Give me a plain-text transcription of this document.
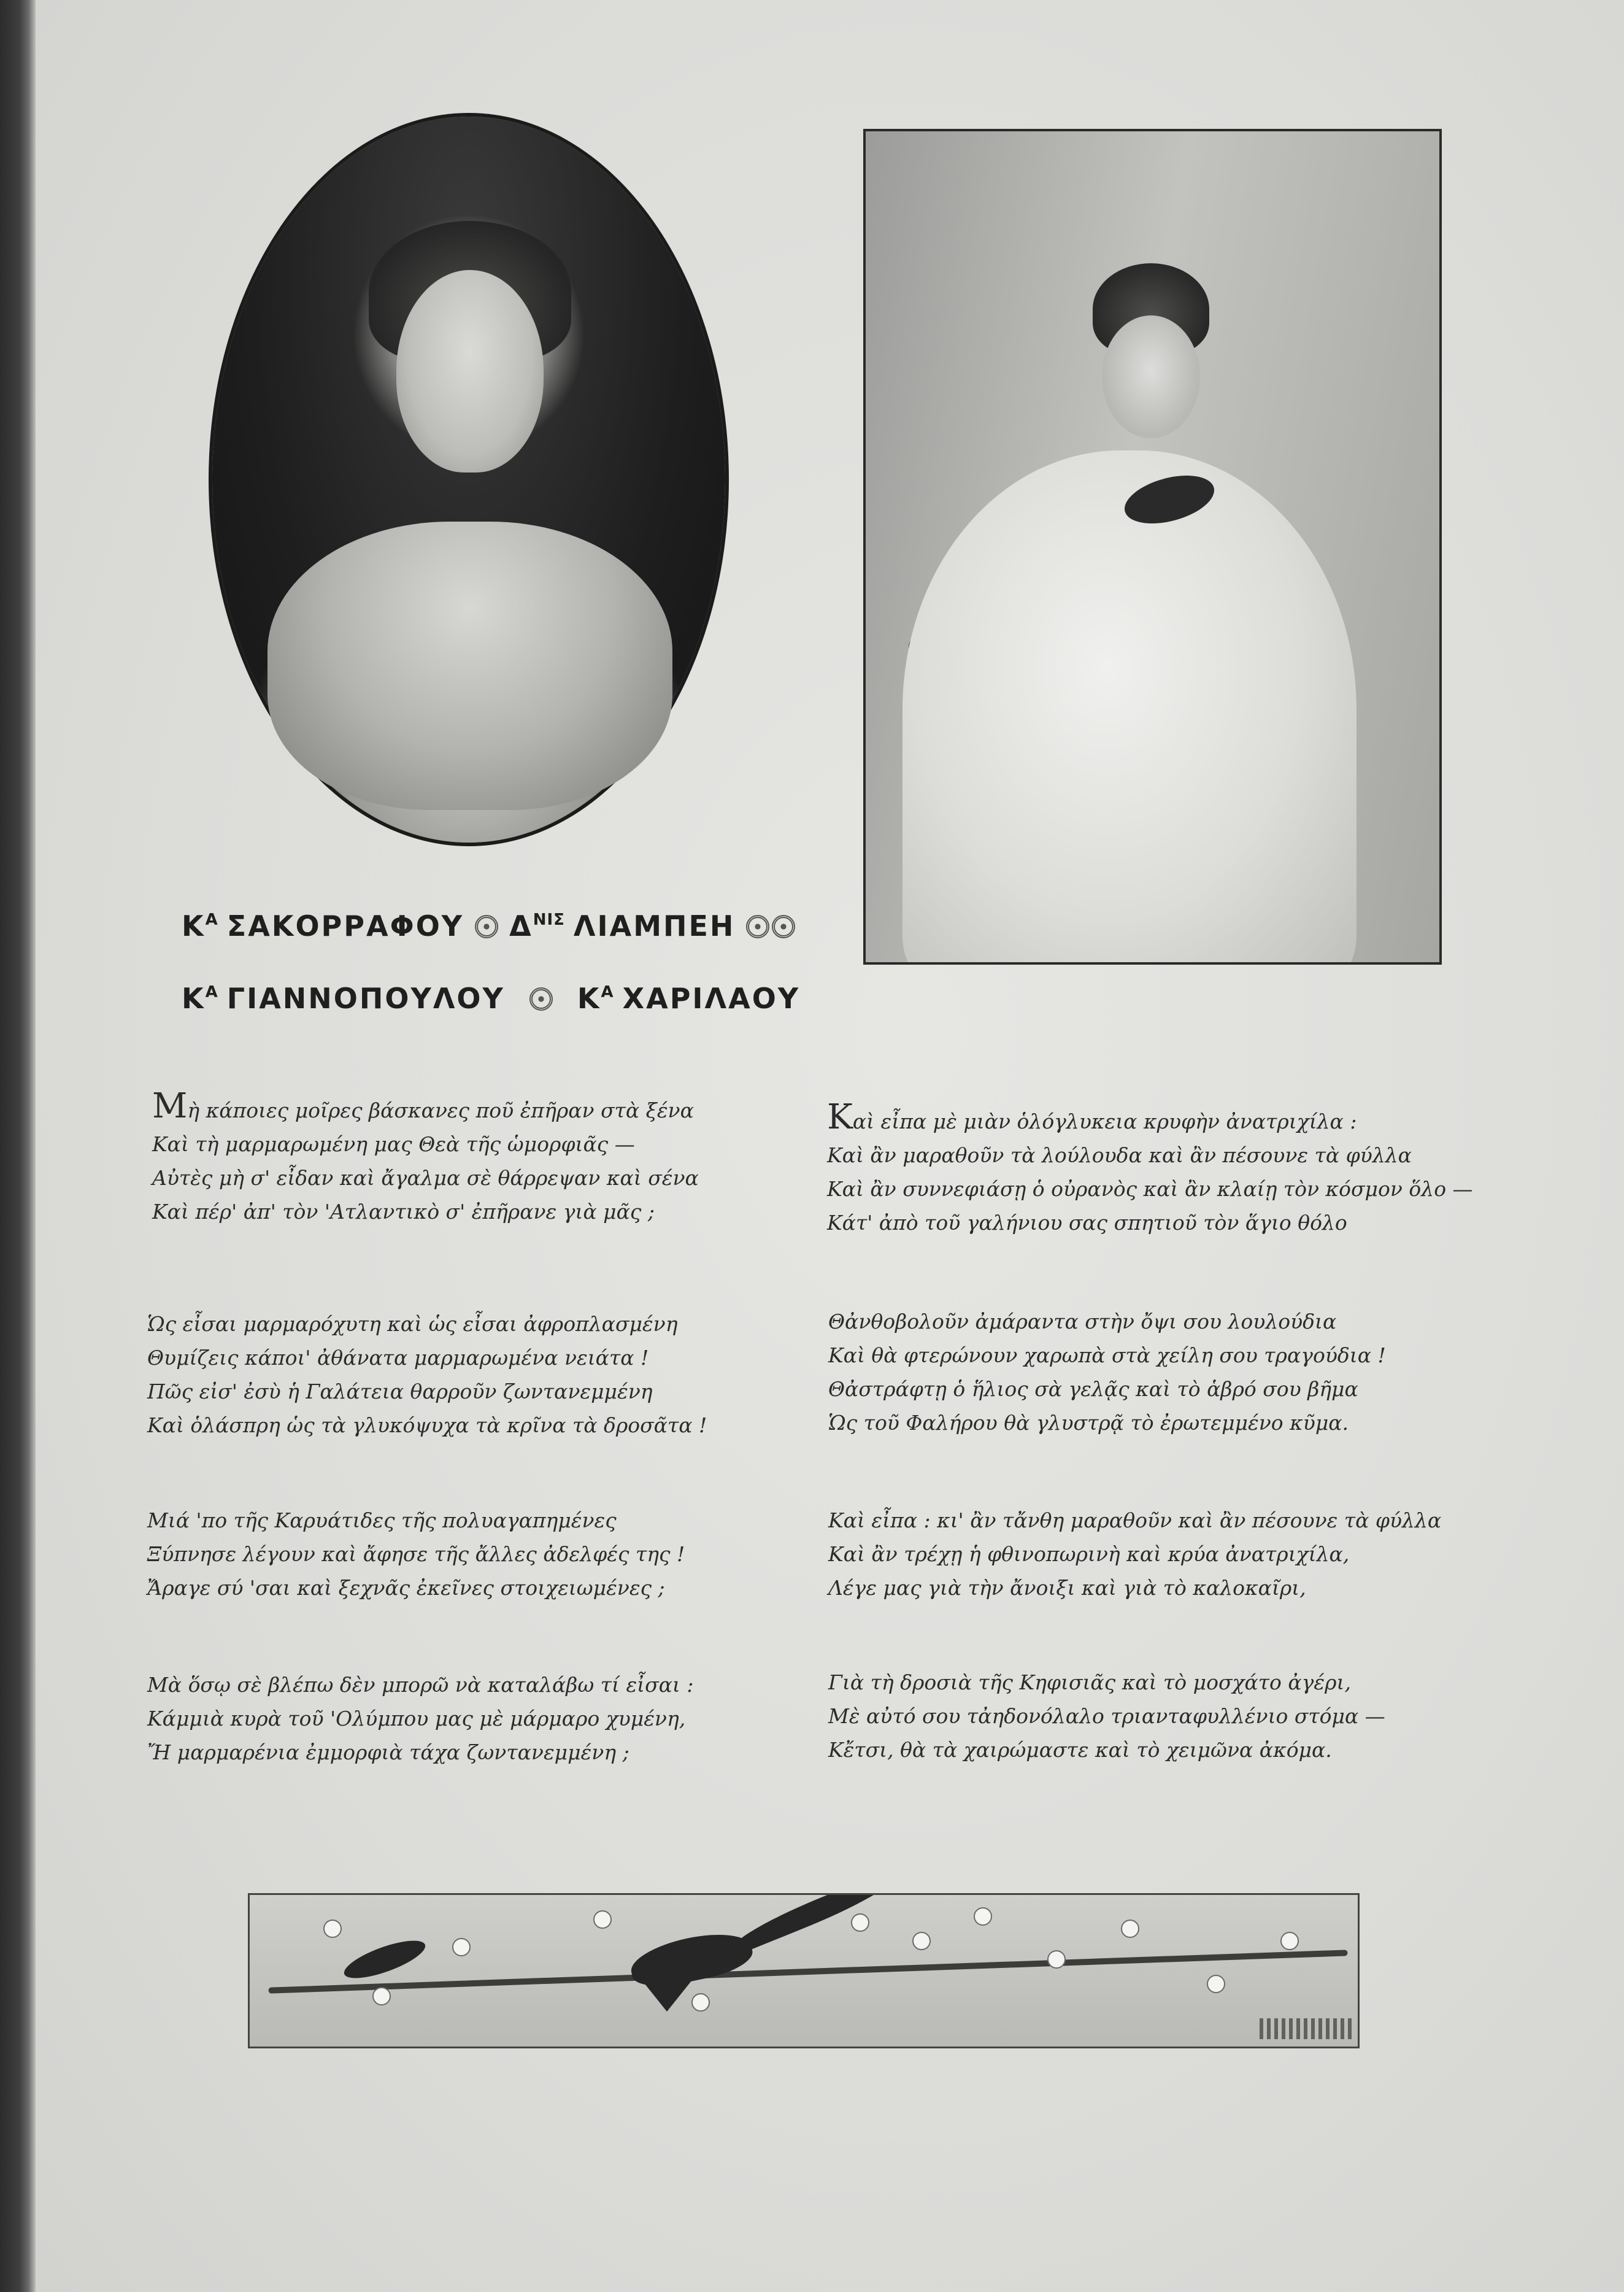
Κ Α ΣΑΚΟΡΡΑΦΟΥ Δ ΝΙΣ ΛΙΑΜΠΕΗ
Κ Α ΓΙΑΝΝΟΠΟΥΛΟΥ	Κ Α ΧΑΡΙΛΑΟΥ
Μὴ κάποιες μοῖρες βάσκανες ποῦ ἐπῆραν στὰ ξένα
Καὶ τὴ μαρμαρωμένη μας Θεὰ τῆς ὡμορφιᾶς —
Αὐτὲς μὴ σ' εἶδαν καὶ ἄγαλμα σὲ θάρρεψαν καὶ σένα
Καὶ πέρ' ἀπ' τὸν 'Ατλαντικὸ σ' ἐπῆρανε γιὰ μᾶς ;
Ὡς εἶσαι μαρμαρόχυτη καὶ ὡς εἶσαι ἀφροπλασμένη
Θυμίζεις κάποι' ἀθάνατα μαρμαρωμένα νειάτα !
Πῶς εἰσ' ἐσὺ ἡ Γαλάτεια θαρροῦν ζωντανεμμένη
Καὶ ὁλάσπρη ὡς τὰ γλυκόψυχα τὰ κρῖνα τὰ δροσᾶτα !
Μιά 'πο τῆς Καρυάτιδες τῆς πολυαγαπημένες
Ξύπνησε λέγουν καὶ ἄφησε τῆς ἄλλες ἀδελφές της !
Ἄραγε σύ 'σαι καὶ ξεχνᾶς ἐκεῖνες στοιχειωμένες ;
Μὰ ὅσῳ σὲ βλέπω δὲν μπορῶ νὰ καταλάβω τί εἶσαι :
Κάμμιὰ κυρὰ τοῦ 'Ολύμπου μας μὲ μάρμαρο χυμένη,
Ἤ μαρμαρένια ἐμμορφιὰ τάχα ζωντανεμμένη ;
Καὶ εἶπα μὲ μιὰν ὁλόγλυκεια κρυφὴν ἀνατριχίλα :
Καὶ ἂν μαραθοῦν τὰ λούλουδα καὶ ἂν πέσουνε τὰ φύλλα
Καὶ ἂν συννεφιάσῃ ὁ οὐρανὸς καὶ ἂν κλαίῃ τὸν κόσμον ὅλο —
Κάτ' ἀπὸ τοῦ γαλήνιου σας σπητιοῦ τὸν ἅγιο θόλο
Θἀνθοβολοῦν ἀμάραντα στὴν ὄψι σου λουλούδια
Καὶ θὰ φτερώνουν χαρωπὰ στὰ χείλη σου τραγούδια !
Θἀστράφτῃ ὁ ἥλιος σὰ γελᾷς καὶ τὸ ἁβρό σου βῆμα
Ὡς τοῦ Φαλήρου θὰ γλυστρᾷ τὸ ἐρωτεμμένο κῦμα.
Καὶ εἶπα : κι' ἂν τἄνθη μαραθοῦν καὶ ἂν πέσουνε τὰ φύλλα
Καὶ ἂν τρέχῃ ἡ φθινοπωρινὴ καὶ κρύα ἀνατριχίλα,
Λέγε μας γιὰ τὴν ἄνοιξι καὶ γιὰ τὸ καλοκαῖρι,
Γιὰ τὴ δροσιὰ τῆς Κηφισιᾶς καὶ τὸ μοσχάτο ἀγέρι,
Μὲ αὐτό σου τἀηδονόλαλο τριανταφυλλένιο στόμα —
Κἔτσι, θὰ τὰ χαιρώμαστε καὶ τὸ χειμῶνα ἀκόμα.
